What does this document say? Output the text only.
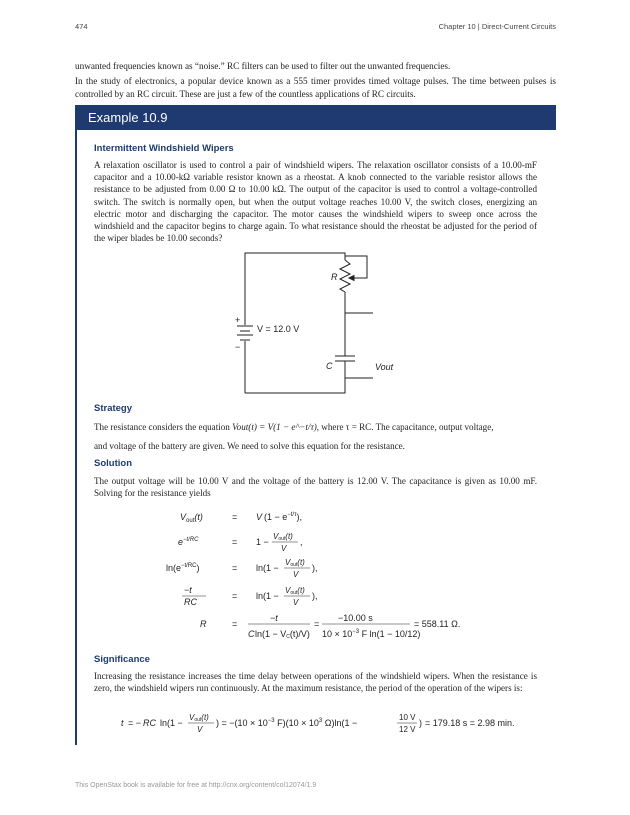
474	Chapter 10 | Direct-Current Circuits
unwanted frequencies known as “noise.” RC filters can be used to filter out the unwanted frequencies.
In the study of electronics, a popular device known as a 555 timer provides timed voltage pulses. The time between pulses is controlled by an RC circuit. These are just a few of the countless applications of RC circuits.
Example 10.9
Intermittent Windshield Wipers
A relaxation oscillator is used to control a pair of windshield wipers. The relaxation oscillator consists of a 10.00-mF capacitor and a 10.00-kΩ variable resistor known as a rheostat. A knob connected to the variable resistor allows the resistance to be adjusted from 0.00 Ω to 10.00 kΩ. The output of the capacitor is used to control a voltage-controlled switch. The switch is normally open, but when the output voltage reaches 10.00 V, the switch closes, energizing an electric motor and discharging the capacitor. The motor causes the windshield wipers to sweep once across the windshield and the capacitor begins to charge again. To what resistance should the rheostat be adjusted for the period of the wiper blades be 10.00 seconds?
+
−
R
V = 12.0 V
C	Vout
Strategy
The resistance considers the equation Vout(t) = V(1 − e^−t/τ), where τ = RC. The capacitance, output voltage,
and voltage of the battery are given. We need to solve this equation for the resistance.
Solution
The output voltage will be 10.00 V and the voltage of the battery is 12.00 V. The capacitance is given as 10.00 mF. Solving for the resistance yields
$V_{out}(t)$	= V $(1 - e^{-t/\tau})$,
$e^{-t/RC}$	= 1 −
Vout(t)
V
,
$\ln(e^{-t/RC})$	= ln(1 −
Vout(t)
V
),
−t
RC
= ln(1 −
Vout(t)
V
),
R	=
−t
C ln(1 − VC(t)/V)
=
−10.00 s
$10 \times 10^{-3}$ F ln(1 − 10/12)
= 558.11 Ω.
Significance
Increasing the resistance increases the time delay between operations of the windshield wipers. When the resistance is zero, the windshield wipers run continuously. At the maximum resistance, the period of the operation of the wipers is:
t = − RC ln(1 −
Vout(t)
V
) = $-(10 \times 10^{-3}$ $F)(10 \times 10^3$ Ω)ln(1 −
10 V
12 V
) = 179.18 s = 2.98 min.
This OpenStax book is available for free at http://cnx.org/content/col12074/1.9
